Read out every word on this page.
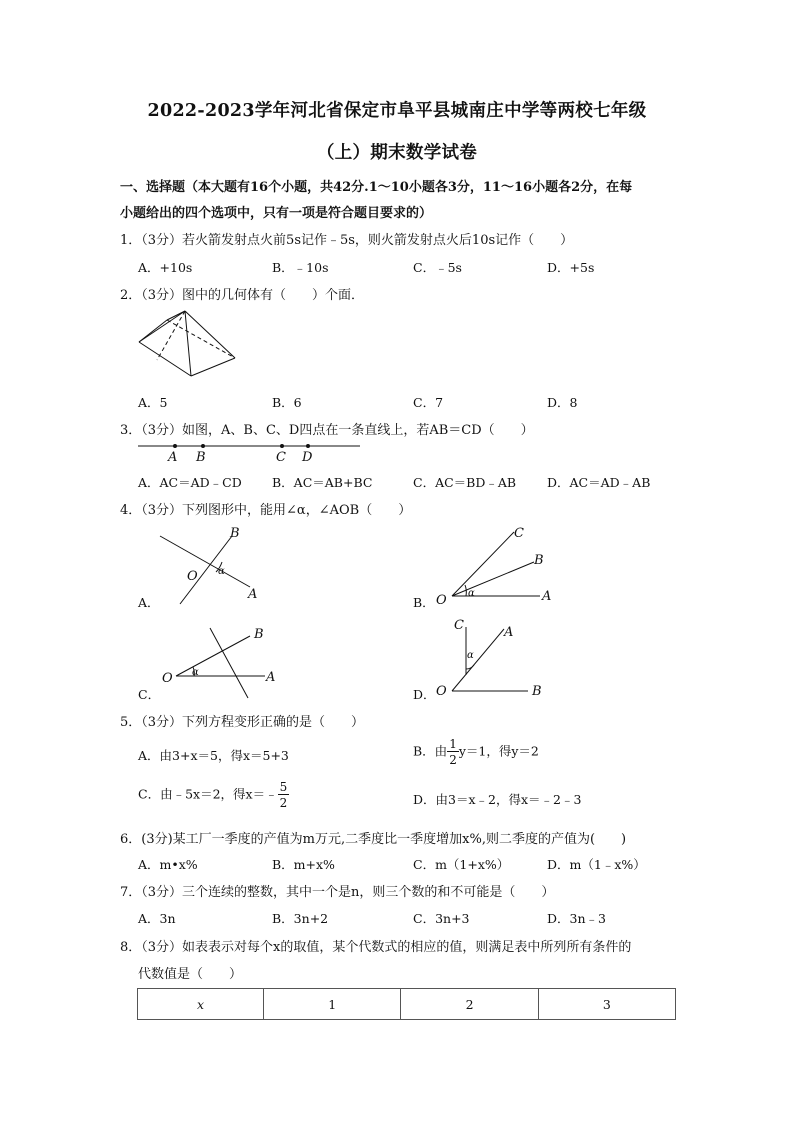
2022-2023学年河北省保定市阜平县城南庄中学等两校七年级
（上）期末数学试卷
一、选择题（本大题有16个小题，共42分.1～10小题各3分，11～16小题各2分，在每
小题给出的四个选项中，只有一项是符合题目要求的）
1．（3分）若火箭发射点火前5s记作﹣5s，则火箭发射点火后10s记作（　　）
A．+10s	B．﹣10s	C．﹣5s	D．+5s
2．（3分）图中的几何体有（　　）个面．
A．5	B．6	C．7	D．8
3．（3分）如图，A、B、C、D四点在一条直线上，若AB＝CD（　　）
A B	C D
A．AC＝AD﹣CD B．AC＝AB+BC	C．AC＝BD﹣AB D．AC＝AD﹣AB
4．（3分）下列图形中，能用∠α，∠AOB（　　）
B
A
O α
A．
C
B
A
O α
B．
B
A
O α
C．
C	A
B
O
α
D．
5．（3分）下列方程变形正确的是（　　）
A．由3+x＝5，得x＝5+3	B．由 $\frac{1}{2} y=1$，得y＝2
C．由﹣5x＝2，得x＝﹣ $\frac{5}{2}$	D．由3＝x﹣2，得x＝﹣2﹣3
6．(3分)某工厂一季度的产值为m万元,二季度比一季度增加x%,则二季度的产值为(　　)
A．m•x%	B．m+x%	C．m（1+x%）	D．m（1﹣x%）
7．（3分）三个连续的整数，其中一个是n，则三个数的和不可能是（　　）
A．3n	B．3n+2	C．3n+3	D．3n﹣3
8．（3分）如表表示对每个x的取值，某个代数式的相应的值，则满足表中所列所有条件的
代数值是（　　）
x	1	2	3
